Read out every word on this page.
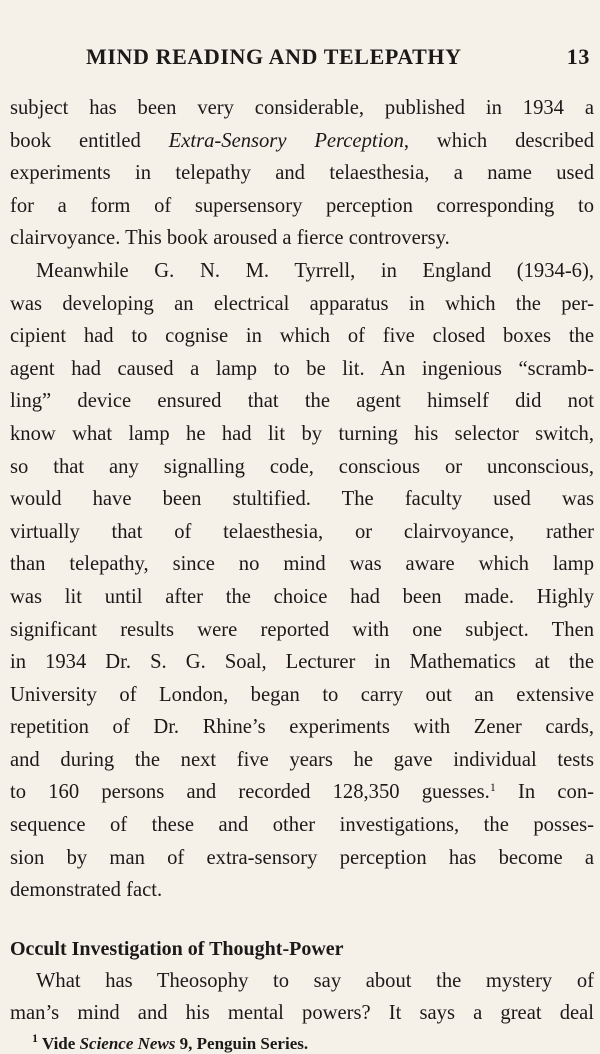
MIND READING AND TELEPATHY	13

subject has been very considerable, published in 1934 a
book entitled Extra-Sensory Perception, which described
experiments in telepathy and telaesthesia, a name used
for a form of supersensory perception corresponding to
clairvoyance. This book aroused a fierce controversy.

Meanwhile G. N. M. Tyrrell, in England (1934-6),
was developing an electrical apparatus in which the per-
cipient had to cognise in which of five closed boxes the
agent had caused a lamp to be lit. An ingenious “scramb-
ling” device ensured that the agent himself did not
know what lamp he had lit by turning his selector switch,
so that any signalling code, conscious or unconscious,
would have been stultified. The faculty used was
virtually that of telaesthesia, or clairvoyance, rather
than telepathy, since no mind was aware which lamp
was lit until after the choice had been made. Highly
significant results were reported with one subject. Then
in 1934 Dr. S. G. Soal, Lecturer in Mathematics at the
University of London, began to carry out an extensive
repetition of Dr. Rhine’s experiments with Zener cards,
and during the next five years he gave individual tests
to 160 persons and recorded 128,350 guesses.$^1$ In con-
sequence of these and other investigations, the posses-
sion by man of extra-sensory perception has become a
demonstrated fact.

Occult Investigation of Thought-Power

What has Theosophy to say about the mystery of
man’s mind and his mental powers? It says a great deal

$^1$ Vide Science News 9, Penguin Series.
